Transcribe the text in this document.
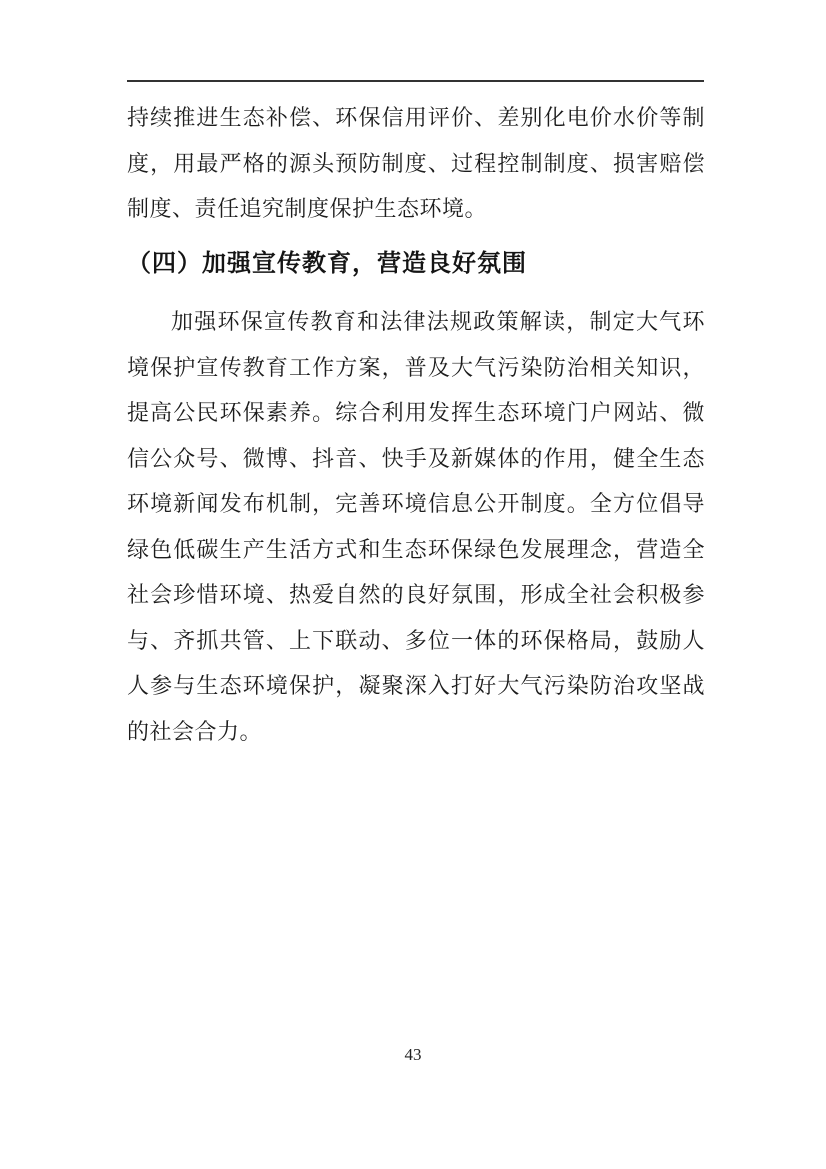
持续推进生态补偿、环保信用评价、差别化电价水价等制度，用最严格的源头预防制度、过程控制制度、损害赔偿制度、责任追究制度保护生态环境。

（四）加强宣传教育，营造良好氛围

加强环保宣传教育和法律法规政策解读，制定大气环境保护宣传教育工作方案，普及大气污染防治相关知识，提高公民环保素养。综合利用发挥生态环境门户网站、微信公众号、微博、抖音、快手及新媒体的作用，健全生态环境新闻发布机制，完善环境信息公开制度。全方位倡导绿色低碳生产生活方式和生态环保绿色发展理念，营造全社会珍惜环境、热爱自然的良好氛围，形成全社会积极参与、齐抓共管、上下联动、多位一体的环保格局，鼓励人人参与生态环境保护，凝聚深入打好大气污染防治攻坚战的社会合力。

43
